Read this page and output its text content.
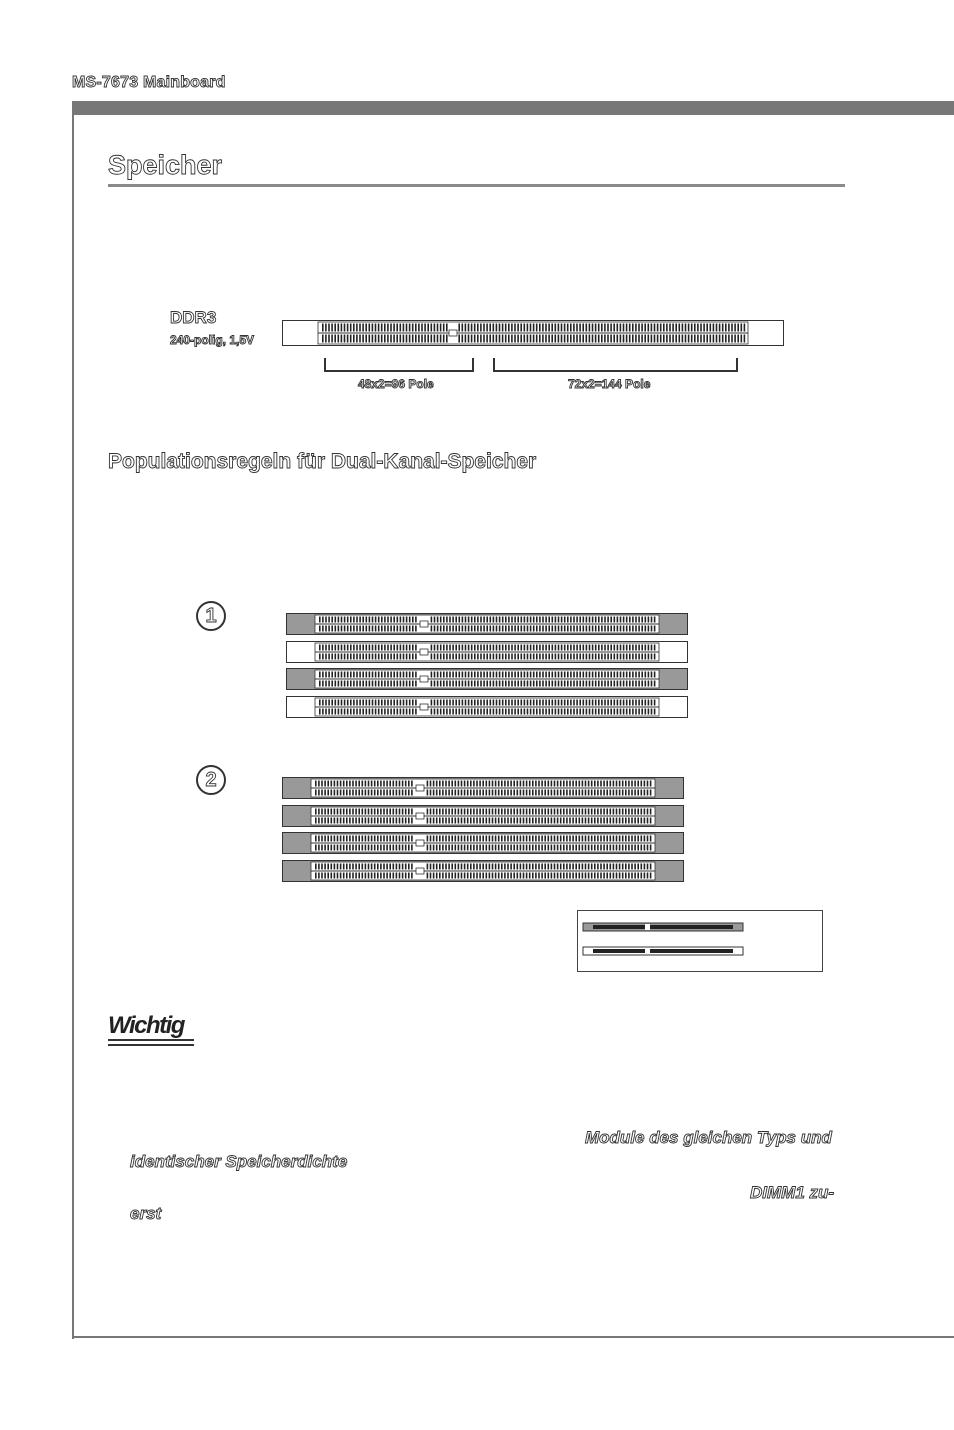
MS-7673 Mainboard
Speicher
DDR3
240-polig, 1,5V
48x2=96 Pole	72x2=144 Pole
Populationsregeln für Dual-Kanal-Speicher
1
2
Wichtig
Module des gleichen Typs und
identischer Speicherdichte
DIMM1 zu-
erst
